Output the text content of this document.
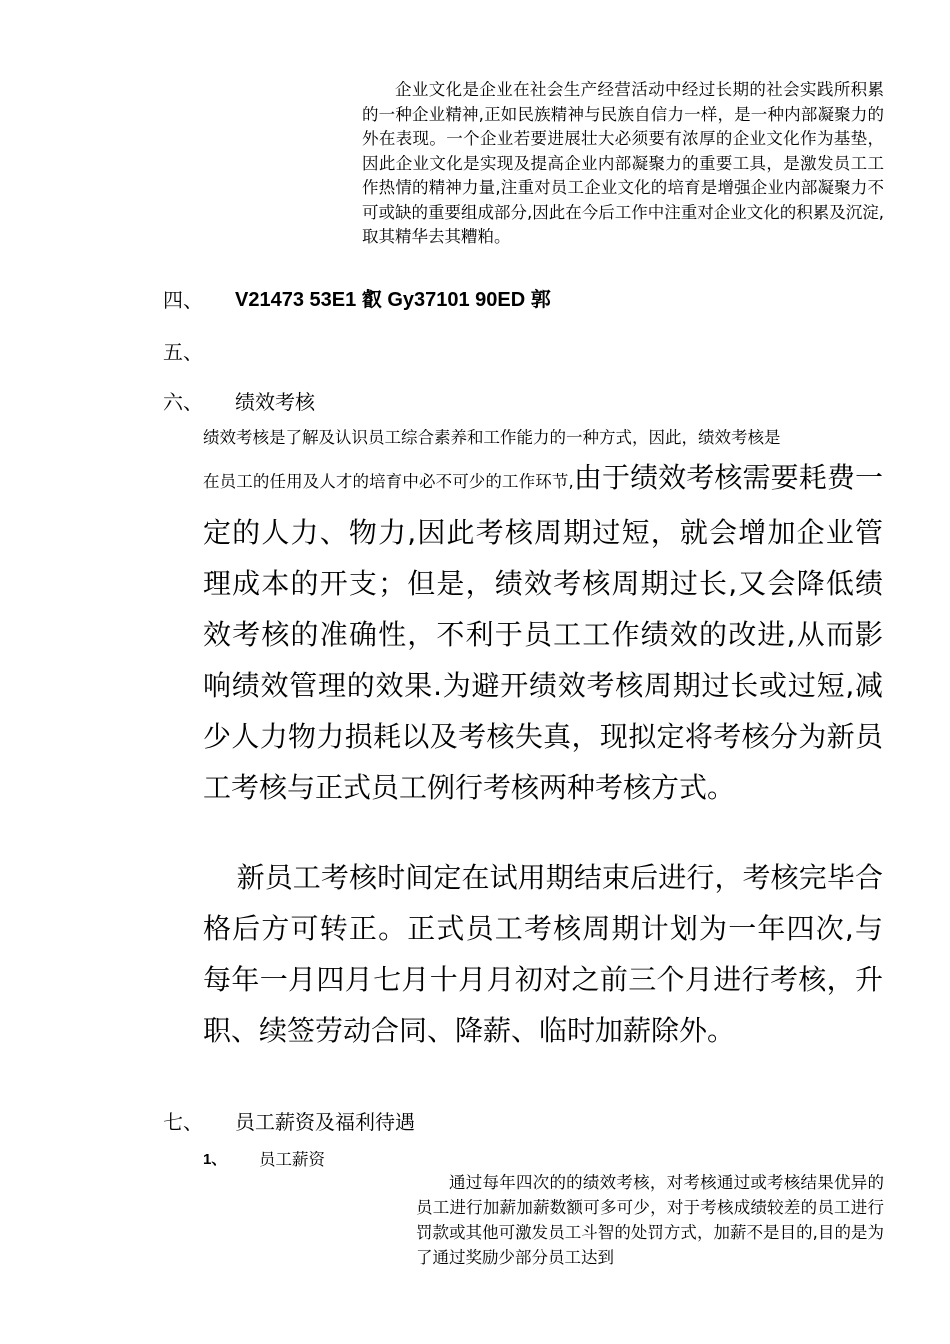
企业文化是企业在社会生产经营活动中经过长期的社会实践所积累的一种企业精神,正如民族精神与民族自信力一样，是一种内部凝聚力的外在表现。一个企业若要进展壮大必须要有浓厚的企业文化作为基垫，因此企业文化是实现及提高企业内部凝聚力的重要工具，是激发员工工作热情的精神力量,注重对员工企业文化的培育是增强企业内部凝聚力不可或缺的重要组成部分,因此在今后工作中注重对企业文化的积累及沉淀,取其精华去其糟粕。

四、	V21473 53E1 叡 Gy37101 90ED 郭
五、
六、	绩效考核

绩效考核是了解及认识员工综合素养和工作能力的一种方式，因此，绩效考核是
在员工的任用及人才的培育中必不可少的工作环节,由于绩效考核需要耗费一定的人力、物力,因此考核周期过短，就会增加企业管理成本的开支；但是，绩效考核周期过长,又会降低绩效考核的准确性，不利于员工工作绩效的改进,从而影响绩效管理的效果.为避开绩效考核周期过长或过短,减少人力物力损耗以及考核失真，现拟定将考核分为新员工考核与正式员工例行考核两种考核方式。

新员工考核时间定在试用期结束后进行，考核完毕合格后方可转正。正式员工考核周期计划为一年四次,与每年一月四月七月十月月初对之前三个月进行考核，升职、续签劳动合同、降薪、临时加薪除外。

七、	员工薪资及福利待遇
1、	员工薪资

通过每年四次的的绩效考核，对考核通过或考核结果优异的员工进行加薪加薪数额可多可少，对于考核成绩较差的员工进行罚款或其他可激发员工斗智的处罚方式，加薪不是目的,目的是为了通过奖励少部分员工达到
